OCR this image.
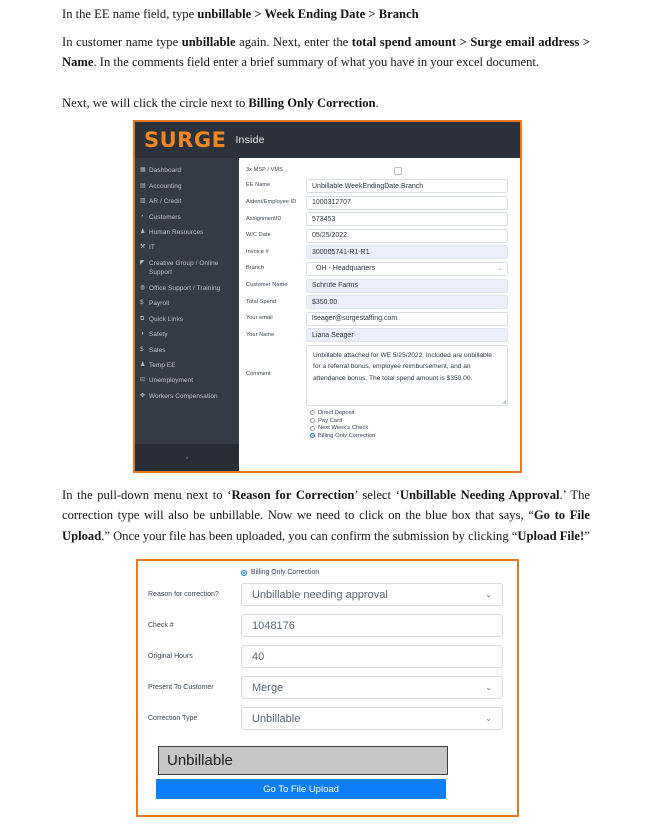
In the EE name field, type unbillable > Week Ending Date > Branch

In customer name type unbillable again. Next, enter the total spend amount > Surge email address > Name. In the comments field enter a brief summary of what you have in your excel document.

Next, we will click the circle next to Billing Only Correction.

SURGE Inside
▦ Dashboard
▤ Accounting
▥ AR / Credit
◔ Customers
♟ Human Resources
⚒ IT
◤ Creative Group / Online Support
◍ Office Support / Training
$ Payroll
⧉ Quick Links
◑ Safety
$ Sales
♟ Temp EE
⊟ Unemployment
✥ Workers Compensation
‹
3x MSP / VMS
EE Name	Unbillable.WeekEndingDate.Branch
Aident/Employee ID	1000312707
AssignmentID	573453
W/C Date	05/25/2022
Invoice #	300005741-R1-R1
Branch	OH - Headquarters	⌄
Customer Name	Schrute Farms
Total Spend	$350.00
Your email	lseager@surgestaffing.com
Your Name	Liana Seager
Comment
Unbillable attached for WE 5/25/2022. Included are unbillable for a referral bonus, employee reimbursement, and an attendance bonus. The total spend amount is $350.00.
Direct Deposit
Pay Card
Next Week's Check
Billing Only Correction

In the pull-down menu next to ‘Reason for Correction’ select ‘Unbillable Needing Approval.’ The correction type will also be unbillable. Now we need to click on the blue box that says, “Go to File Upload.” Once your file has been uploaded, you can confirm the submission by clicking “Upload File!”

Billing Only Correction
Reason for correction?	Unbillable needing approval	⌄
Check #	1048176
Original Hours	40
Present To Customer	Merge	⌄
Correction Type	Unbillable	⌄
Unbillable
Go To File Upload
